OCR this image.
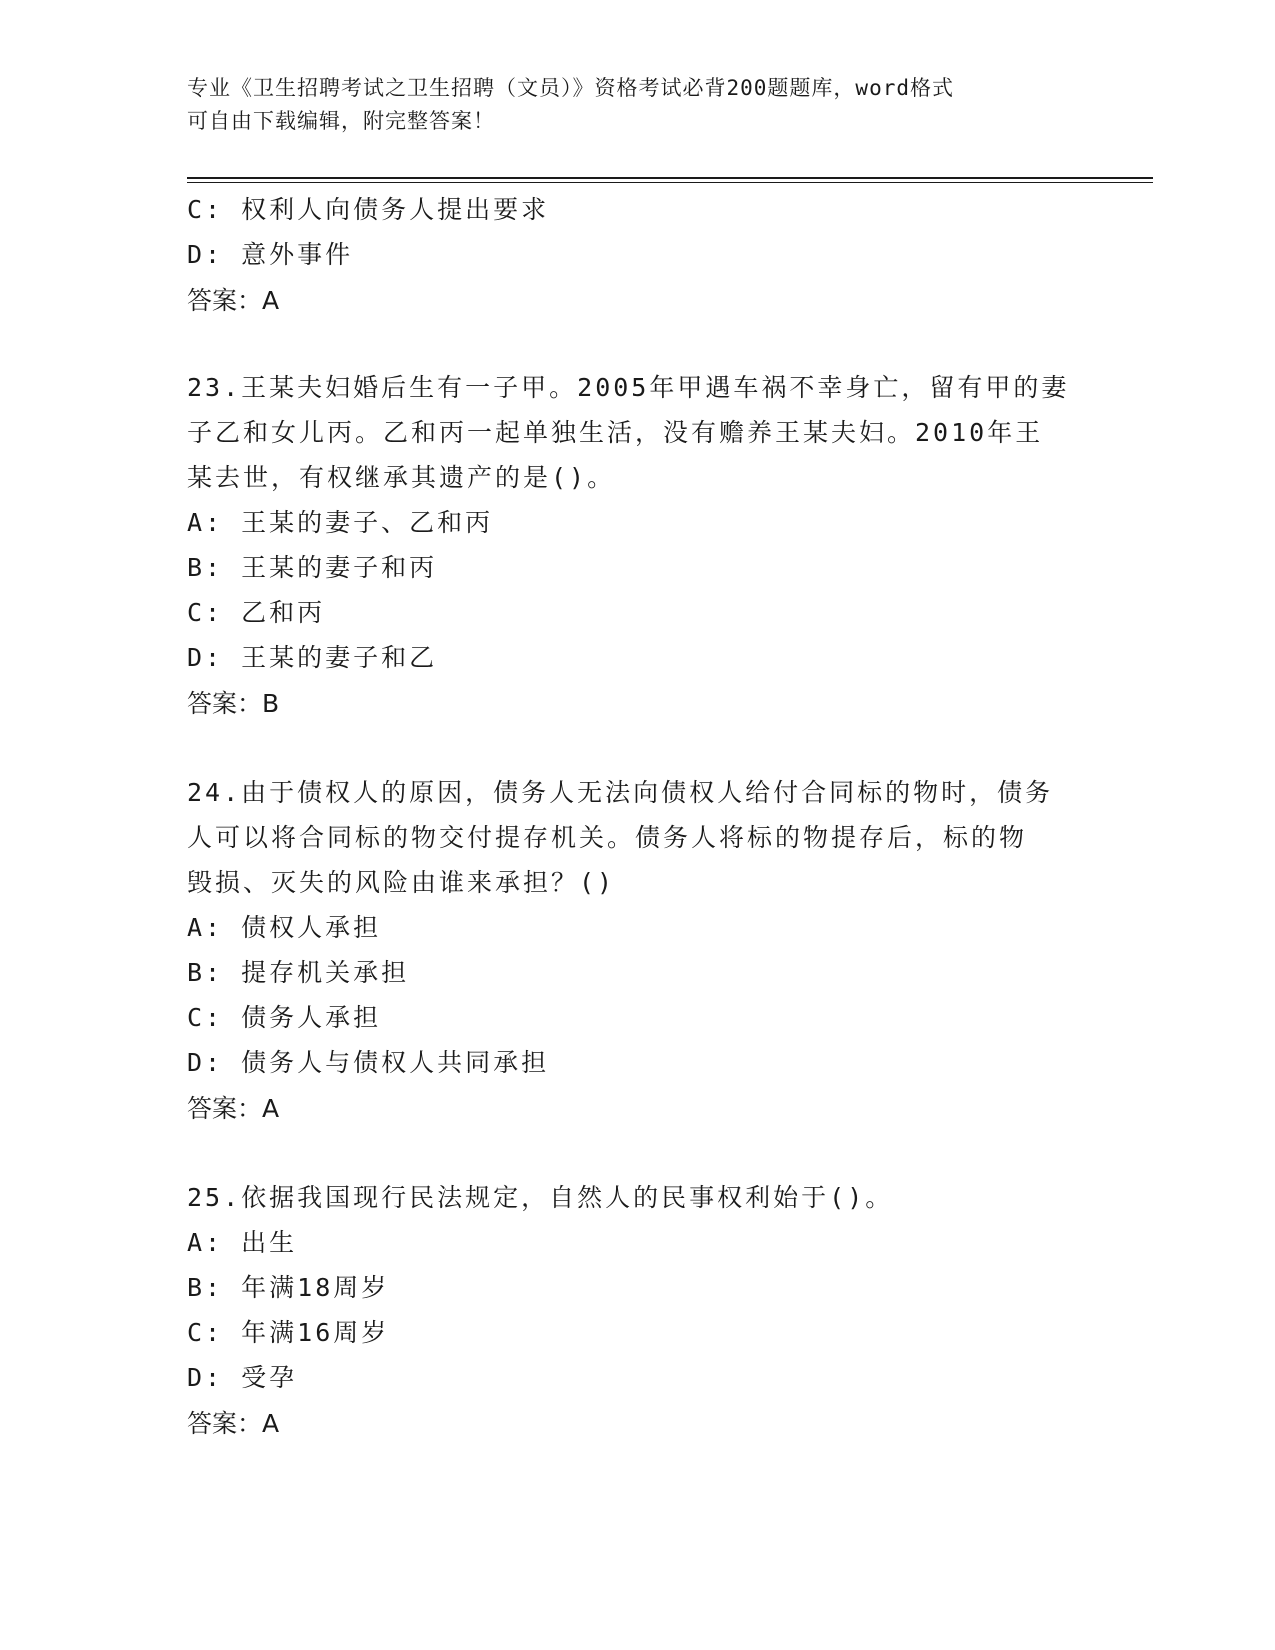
专业《卫生招聘考试之卫生招聘（文员）》资格考试必背200题题库，word格式
可自由下载编辑，附完整答案！
C: 权利人向债务人提出要求
D: 意外事件
答案：A
23.王某夫妇婚后生有一子甲。2005年甲遇车祸不幸身亡，留有甲的妻
子乙和女儿丙。乙和丙一起单独生活，没有赡养王某夫妇。2010年王
某去世，有权继承其遗产的是()。
A: 王某的妻子、乙和丙
B: 王某的妻子和丙
C: 乙和丙
D: 王某的妻子和乙
答案：B
24.由于债权人的原因，债务人无法向债权人给付合同标的物时，债务
人可以将合同标的物交付提存机关。债务人将标的物提存后，标的物
毁损、灭失的风险由谁来承担？()
A: 债权人承担
B: 提存机关承担
C: 债务人承担
D: 债务人与债权人共同承担
答案：A
25.依据我国现行民法规定，自然人的民事权利始于()。
A: 出生
B: 年满18周岁
C: 年满16周岁
D: 受孕
答案：A
